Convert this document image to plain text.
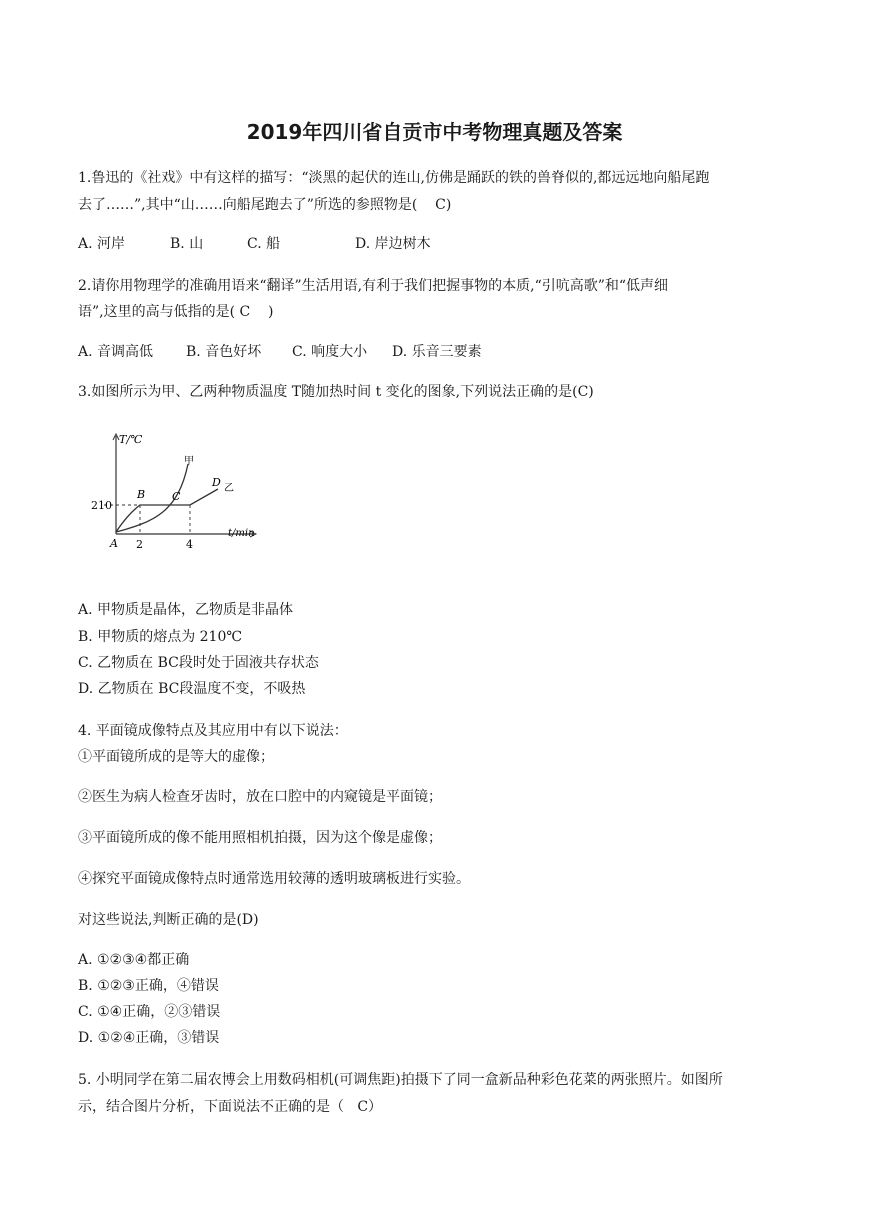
2019年四川省自贡市中考物理真题及答案
1.鲁迅的《社戏》中有这样的描写：“淡黑的起伏的连山,仿佛是踊跃的铁的兽脊似的,都远远地向船尾跑
去了……”,其中“山……向船尾跑去了”所选的参照物是(    C)
A. 河岸	B. 山	C. 船	D. 岸边树木
2.请你用物理学的准确用语来“翻译”生活用语,有利于我们把握事物的本质,“引吭高歌”和“低声细
语”,这里的高与低指的是( C    )
A. 音调高低 B. 音色好坏 C. 响度大小 D. 乐音三要素
3.如图所示为甲、乙两种物质温度 T随加热时间 t 变化的图象,下列说法正确的是(C)
T/℃
t/min
210
2	4
A
B C
D
甲
乙
A. 甲物质是晶体，乙物质是非晶体
B. 甲物质的熔点为 210℃
C. 乙物质在 BC段时处于固液共存状态
D. 乙物质在 BC段温度不变，不吸热
4. 平面镜成像特点及其应用中有以下说法：
①平面镜所成的是等大的虚像；
②医生为病人检查牙齿时，放在口腔中的内窥镜是平面镜；
③平面镜所成的像不能用照相机拍摄，因为这个像是虚像；
④探究平面镜成像特点时通常选用较薄的透明玻璃板进行实验。
对这些说法,判断正确的是(D)
A. ①②③④都正确
B. ①②③正确，④错误
C. ①④正确，②③错误
D. ①②④正确，③错误
5. 小明同学在第二届农博会上用数码相机(可调焦距)拍摄下了同一盒新品种彩色花菜的两张照片。如图所
示，结合图片分析，下面说法不正确的是（   C）
